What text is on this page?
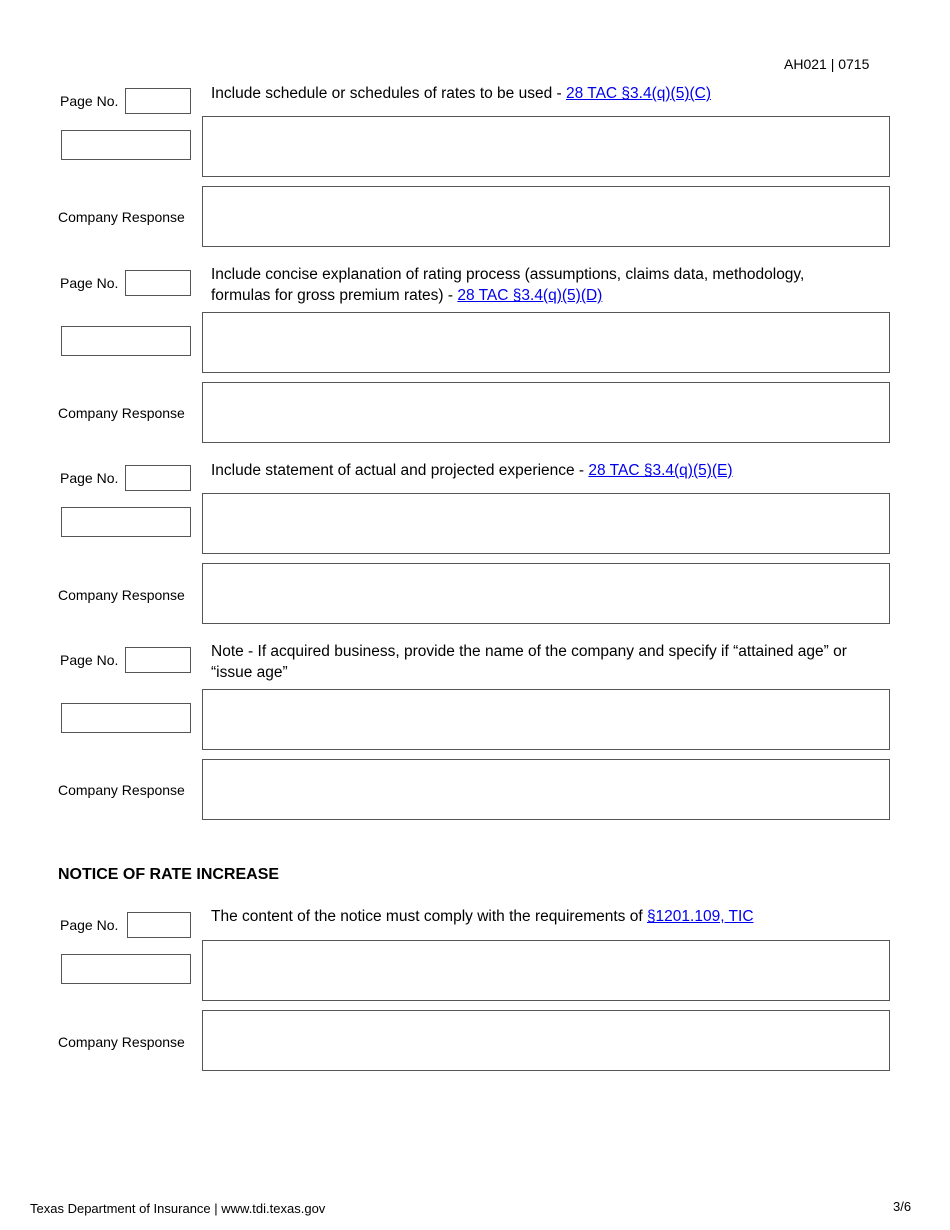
AH021 | 0715
Page No.	Include schedule or schedules of rates to be used - 28 TAC §3.4(q)(5)(C)
Company Response
Page No.	Include concise explanation of rating process (assumptions, claims data, methodology, formulas for gross premium rates) - 28 TAC §3.4(q)(5)(D)
Company Response
Page No.	Include statement of actual and projected experience - 28 TAC §3.4(q)(5)(E)
Company Response
Page No.	Note - If acquired business, provide the name of the company and specify if “attained age” or “issue age”
Company Response
NOTICE OF RATE INCREASE
Page No.	The content of the notice must comply with the requirements of §1201.109, TIC
Company Response
Texas Department of Insurance | www.tdi.texas.gov	3/6
